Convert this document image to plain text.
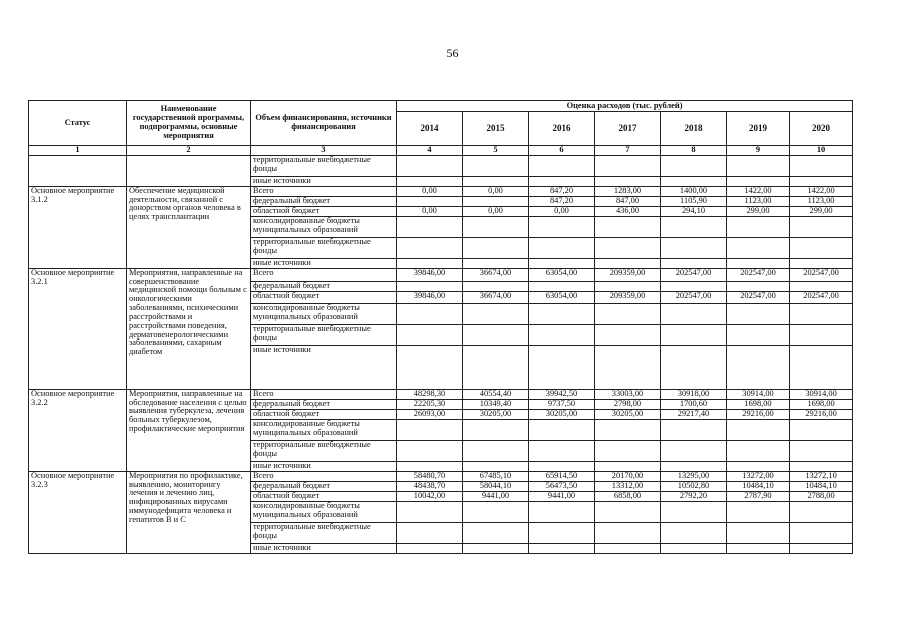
56
Статус	Наименование государственной программы, подпрограммы, основные мероприятия	Объем финансирования, источники финансирования	Оценка расходов (тыс. рублей)						
			2014	2015	2016	2017	2018	2019	2020
1	2	3	4	5	6	7	8	9	10
		территориальные внебюджетные фонды							
		иные источники							
Основное мероприятие 3.1.2	Обеспечение медицинской деятельности, связанной с донорством органов человека в целях трансплантации	Всего	0,00	0,00	847,20	1283,00	1400,00	1422,00	1422,00
		федеральный бюджет			847,20	847,00	1105,90	1123,00	1123,00
		областной бюджет	0,00	0,00	0,00	436,00	294,10	299,00	299,00
		консолидированные бюджеты муниципальных образований							
		территориальные внебюджетные фонды							
		иные источники							
Основное мероприятие 3.2.1	Мероприятия, направленные на совершенствование медицинской помощи больным с онкологическими заболеваниями, психическими расстройствами и расстройствами поведения, дерматовенерологическими заболеваниями, сахарным диабетом	Всего	39846,00	36674,00	63054,00	209359,00	202547,00	202547,00	202547,00
		федеральный бюджет							
		областной бюджет	39846,00	36674,00	63054,00	209359,00	202547,00	202547,00	202547,00
		консолидированные бюджеты муниципальных образований							
		территориальные внебюджетные фонды							
		иные источники							
Основное мероприятие 3.2.2	Мероприятия, направленные на обследование населения с целью выявления туберкулеза, лечения больных туберкулезом, профилактические мероприятия	Всего	48298,30	40554,40	39942,50	33003,00	30918,00	30914,00	30914,00
		федеральный бюджет	22205,30	10349,40	9737,50	2798,00	1700,60	1698,00	1698,00
		областной бюджет	26093,00	30205,00	30205,00	30205,00	29217,40	29216,00	29216,00
		консолидированные бюджеты муниципальных образований							
		территориальные внебюджетные фонды							
		иные источники							
Основное мероприятие 3.2.3	Мероприятия по профилактике, выявлению, мониторингу лечения и лечению лиц, инфицированных вирусами иммунодефицита человека и гепатитов В и С	Всего	58480,70	67485,10	65914,50	20170,00	13295,00	13272,00	13272,10
		федеральный бюджет	48438,70	58044,10	56473,50	13312,00	10502,80	10484,10	10484,10
		областной бюджет	10042,00	9441,00	9441,00	6858,00	2792,20	2787,90	2788,00
		консолидированные бюджеты муниципальных образований							
		территориальные внебюджетные фонды							
		иные источники							
